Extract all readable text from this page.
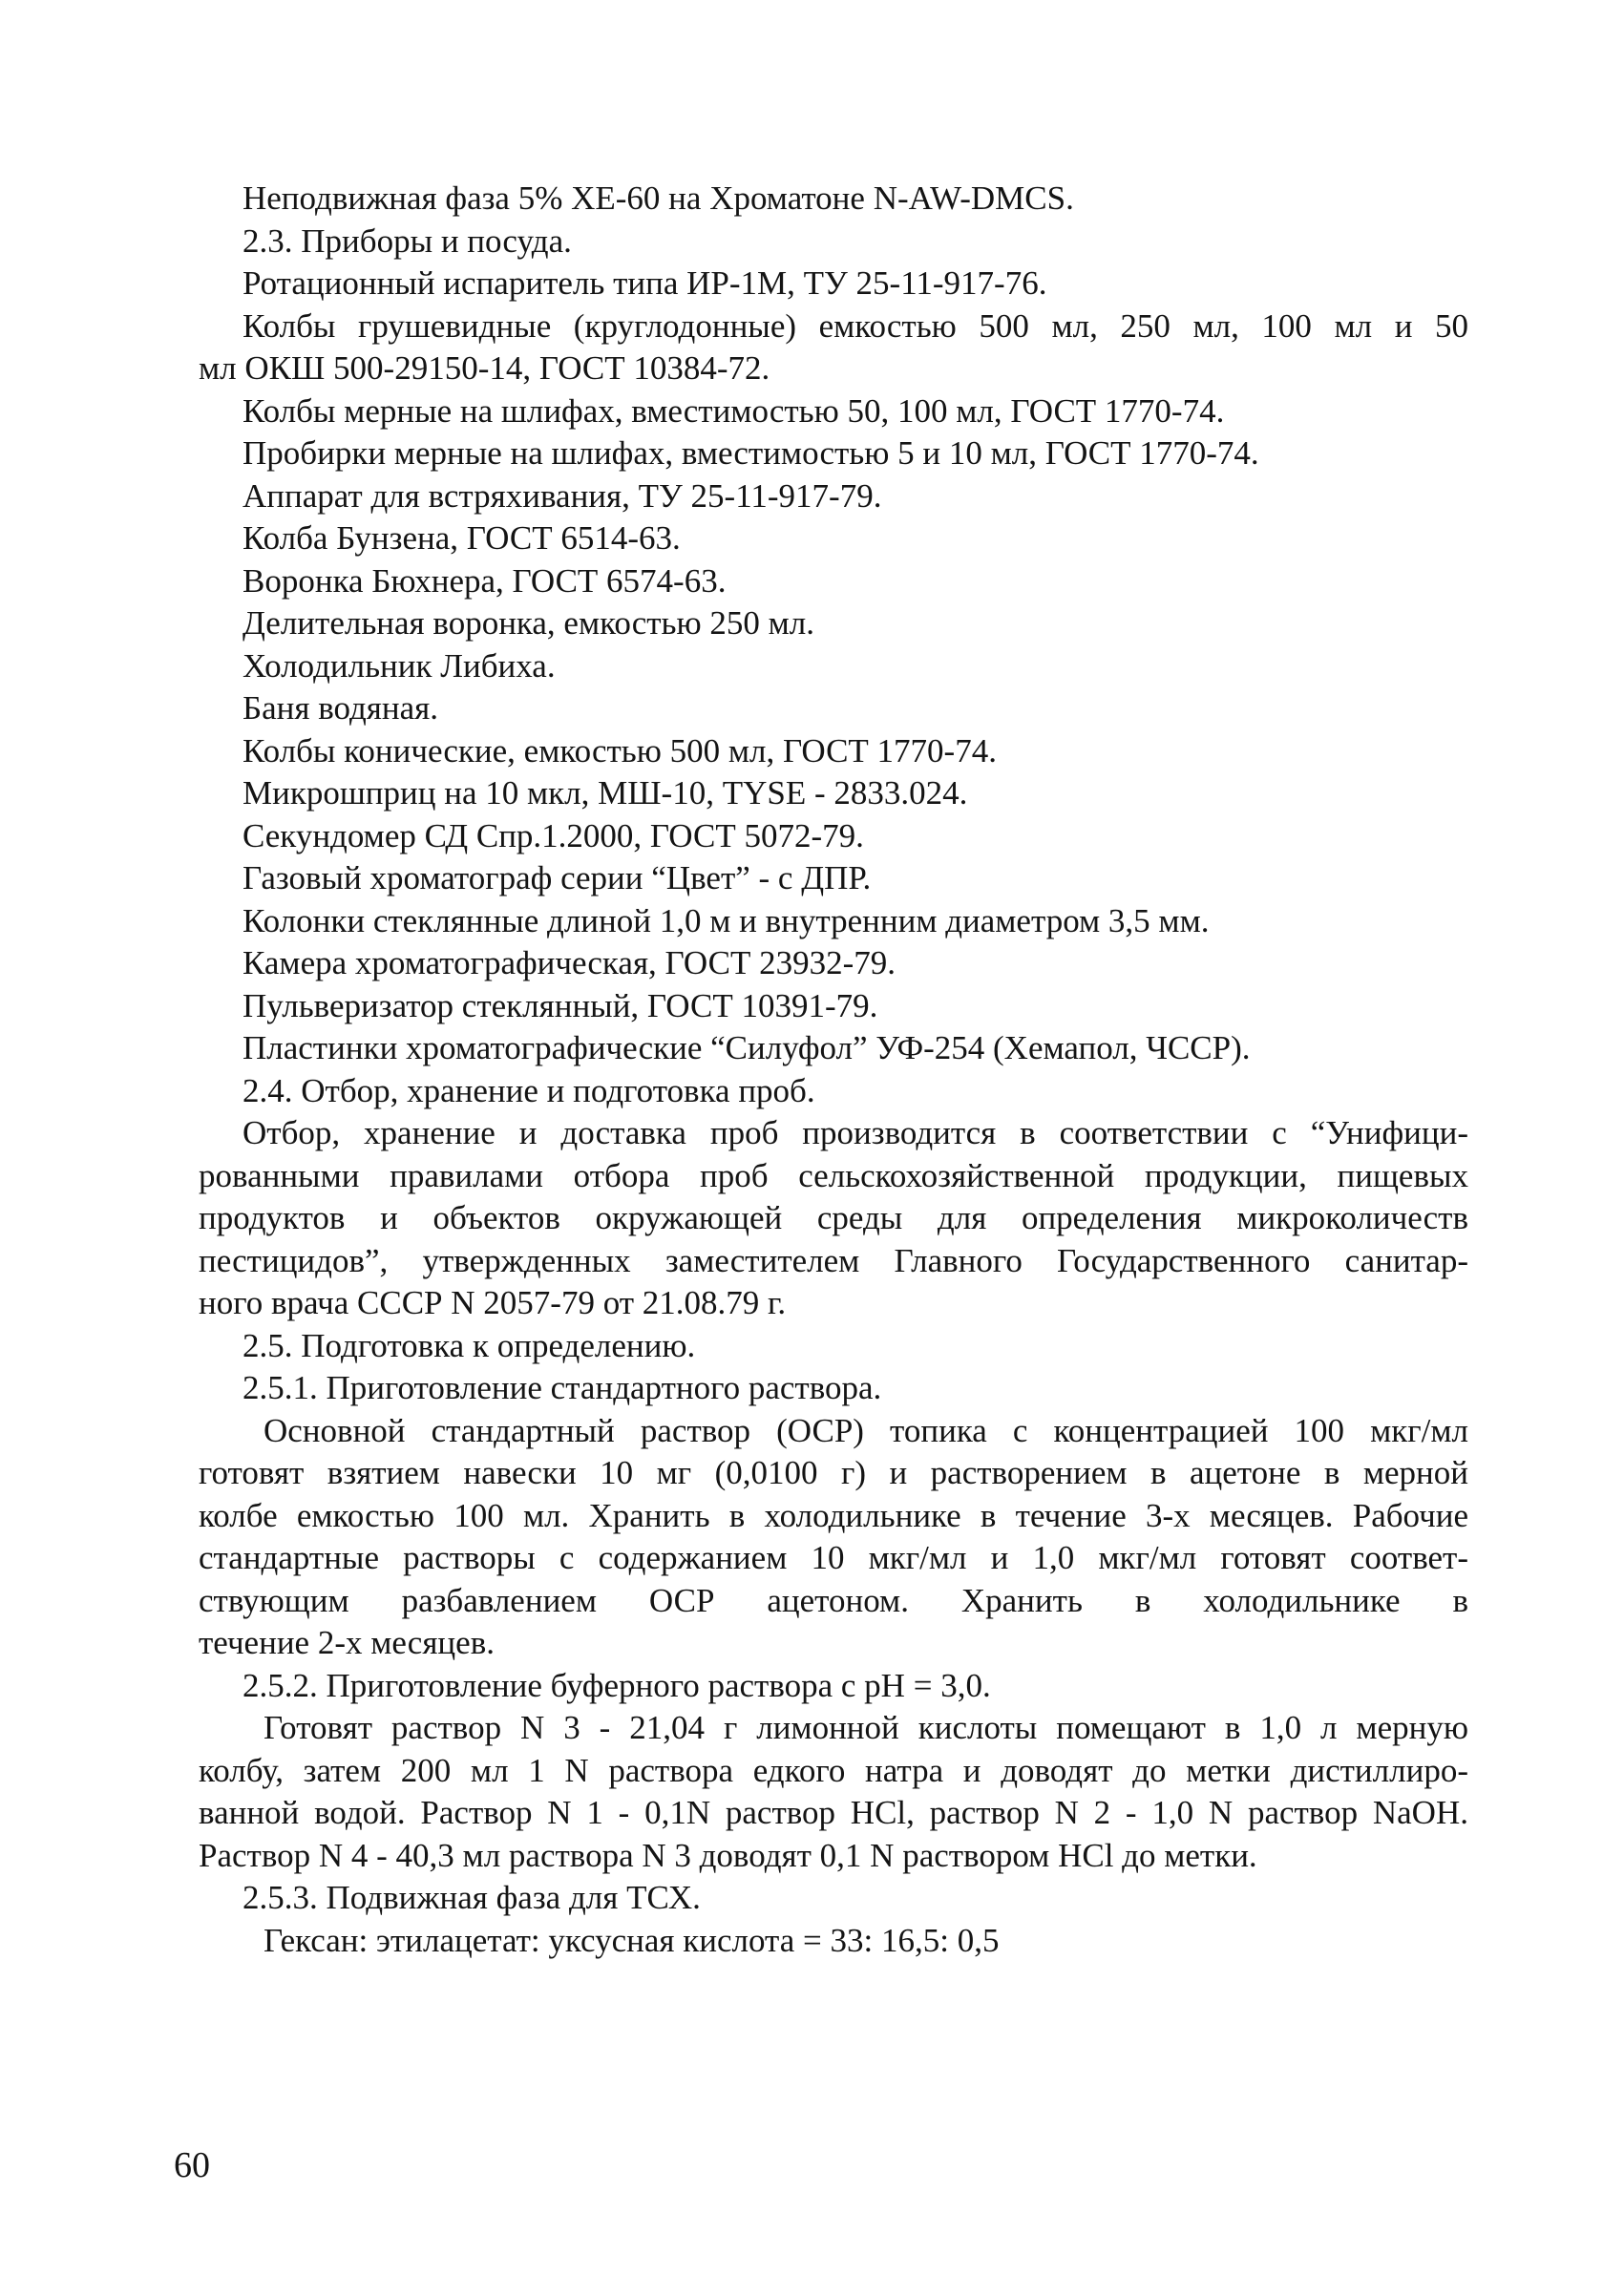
Неподвижная фаза 5% XE-60 на Хроматоне N-AW-DMCS.
2.3. Приборы и посуда.
Ротационный испаритель типа ИР-1М, ТУ 25-11-917-76.
Колбы грушевидные (круглодонные) емкостью 500 мл, 250 мл, 100 мл и 50
мл ОКШ 500-29150-14, ГОСТ 10384-72.
Колбы мерные на шлифах, вместимостью 50, 100 мл, ГОСТ 1770-74.
Пробирки мерные на шлифах, вместимостью 5 и 10 мл, ГОСТ 1770-74.
Аппарат для встряхивания, ТУ 25-11-917-79.
Колба Бунзена, ГОСТ 6514-63.
Воронка Бюхнера, ГОСТ 6574-63.
Делительная воронка, емкостью 250 мл.
Холодильник Либиха.
Баня водяная.
Колбы конические, емкостью 500 мл, ГОСТ 1770-74.
Микрошприц на 10 мкл, МШ-10, TYSE - 2833.024.
Секундомер СД Спр.1.2000, ГОСТ 5072-79.
Газовый хроматограф серии “Цвет” - с ДПР.
Колонки стеклянные длиной 1,0 м и внутренним диаметром 3,5 мм.
Камера хроматографическая, ГОСТ 23932-79.
Пульверизатор стеклянный, ГОСТ 10391-79.
Пластинки хроматографические “Силуфол” УФ-254 (Хемапол, ЧССР).
2.4. Отбор, хранение и подготовка проб.
Отбор, хранение и доставка проб производится в соответствии с “Унифици-
рованными правилами отбора проб сельскохозяйственной продукции, пищевых
продуктов и объектов окружающей среды для определения микроколичеств
пестицидов”, утвержденных заместителем Главного Государственного санитар-
ного врача СССР N 2057-79 от 21.08.79 г.
2.5. Подготовка к определению.
2.5.1. Приготовление стандартного раствора.
Основной стандартный раствор (ОСР) топика с концентрацией 100 мкг/мл
готовят взятием навески 10 мг (0,0100 г) и растворением в ацетоне в мерной
колбе емкостью 100 мл. Хранить в холодильнике в течение 3-х месяцев. Рабочие
стандартные растворы с содержанием 10 мкг/мл и 1,0 мкг/мл готовят соответ-
ствующим разбавлением ОСР ацетоном. Хранить в холодильнике в
течение 2-х месяцев.
2.5.2. Приготовление буферного раствора с рН = 3,0.
Готовят раствор N 3 - 21,04 г лимонной кислоты помещают в 1,0 л мерную
колбу, затем 200 мл 1 N раствора едкого натра и доводят до метки дистиллиро-
ванной водой. Раствор N 1 - 0,1N раствор HCl, раствор N 2 - 1,0 N раствор NaOH.
Раствор N 4 - 40,3 мл раствора N 3 доводят 0,1 N раствором HCl до метки.
2.5.3. Подвижная фаза для ТСХ.
Гексан: этилацетат: уксусная кислота = 33: 16,5: 0,5
60
